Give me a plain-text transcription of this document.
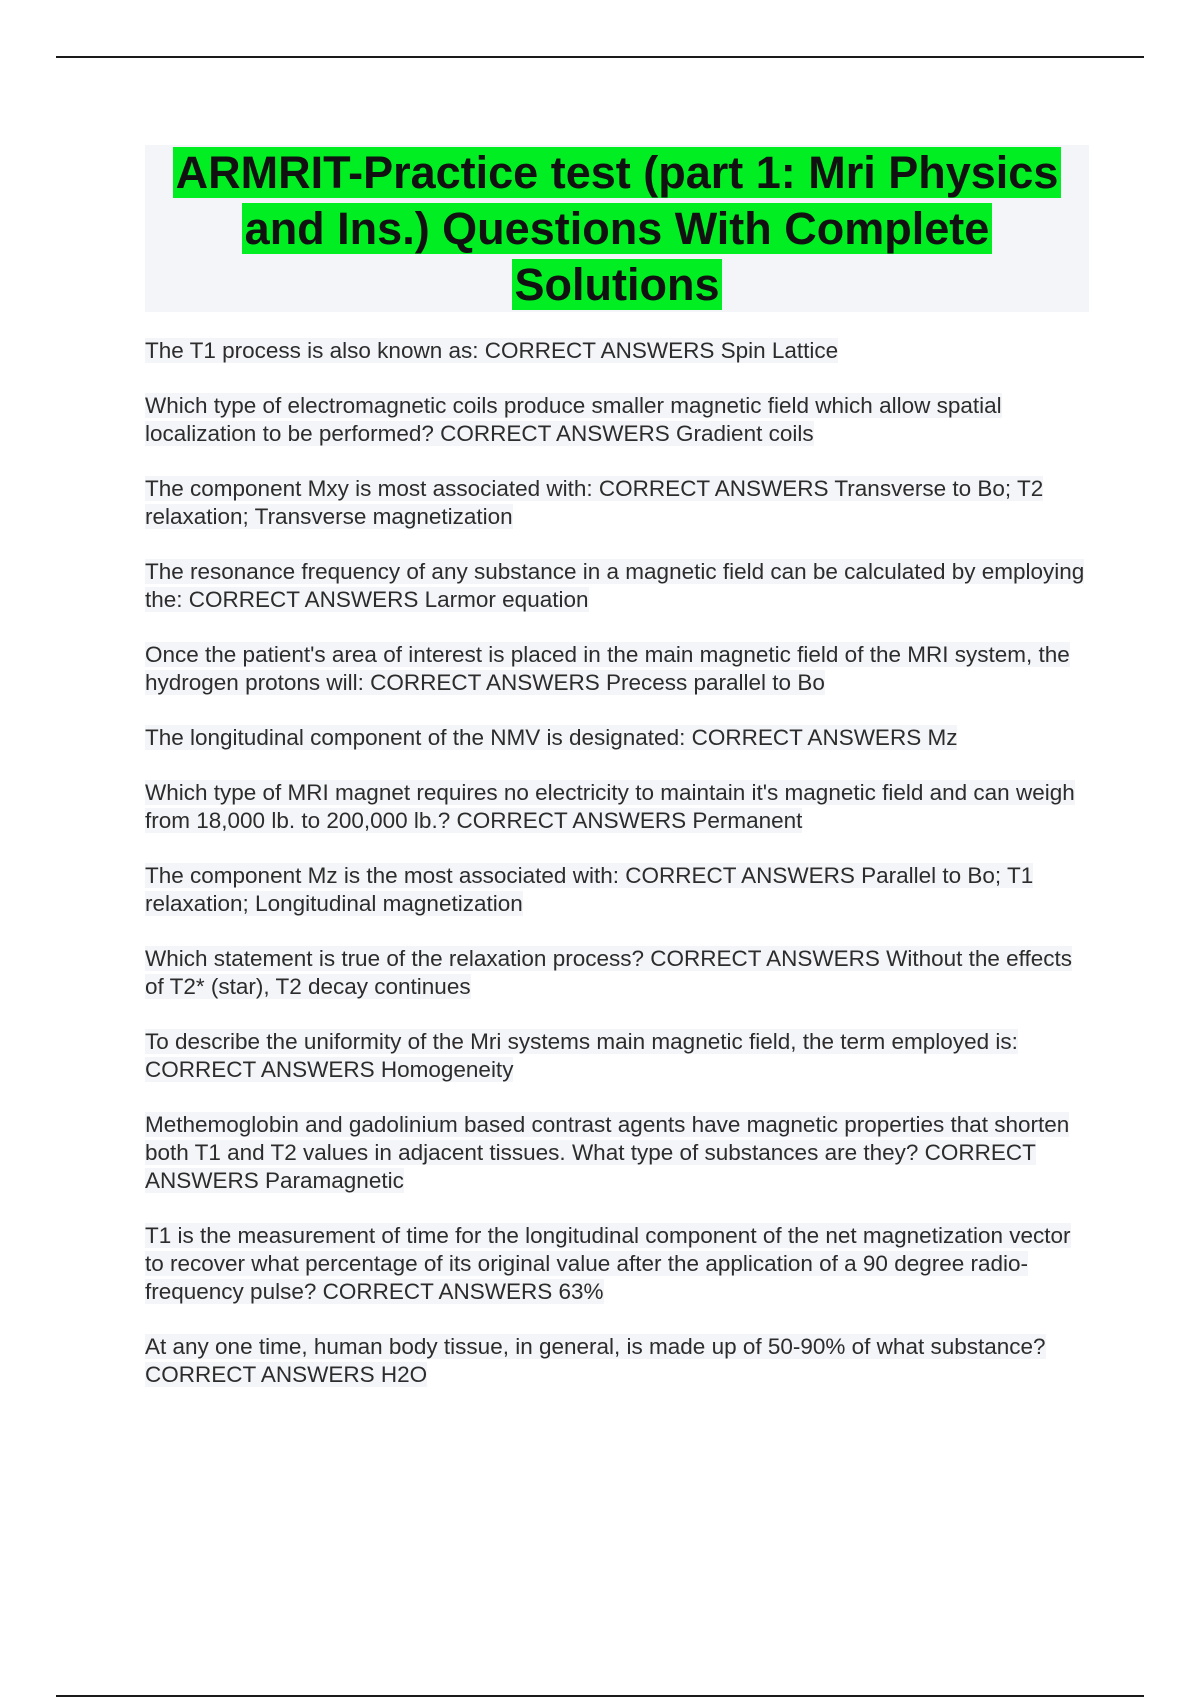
ARMRIT-Practice test (part 1: Mri Physics and Ins.) Questions With Complete Solutions
The T1 process is also known as: CORRECT ANSWERS Spin Lattice
Which type of electromagnetic coils produce smaller magnetic field which allow spatial localization to be performed? CORRECT ANSWERS Gradient coils
The component Mxy is most associated with: CORRECT ANSWERS Transverse to Bo; T2 relaxation; Transverse magnetization
The resonance frequency of any substance in a magnetic field can be calculated by employing the: CORRECT ANSWERS Larmor equation
Once the patient's area of interest is placed in the main magnetic field of the MRI system, the hydrogen protons will: CORRECT ANSWERS Precess parallel to Bo
The longitudinal component of the NMV is designated: CORRECT ANSWERS Mz
Which type of MRI magnet requires no electricity to maintain it's magnetic field and can weigh from 18,000 lb. to 200,000 lb.? CORRECT ANSWERS Permanent
The component Mz is the most associated with: CORRECT ANSWERS Parallel to Bo; T1 relaxation; Longitudinal magnetization
Which statement is true of the relaxation process? CORRECT ANSWERS Without the effects of T2* (star), T2 decay continues
To describe the uniformity of the Mri systems main magnetic field, the term employed is: CORRECT ANSWERS Homogeneity
Methemoglobin and gadolinium based contrast agents have magnetic properties that shorten both T1 and T2 values in adjacent tissues. What type of substances are they? CORRECT ANSWERS Paramagnetic
T1 is the measurement of time for the longitudinal component of the net magnetization vector to recover what percentage of its original value after the application of a 90 degree radio-frequency pulse? CORRECT ANSWERS 63%
At any one time, human body tissue, in general, is made up of 50-90% of what substance? CORRECT ANSWERS H2O
